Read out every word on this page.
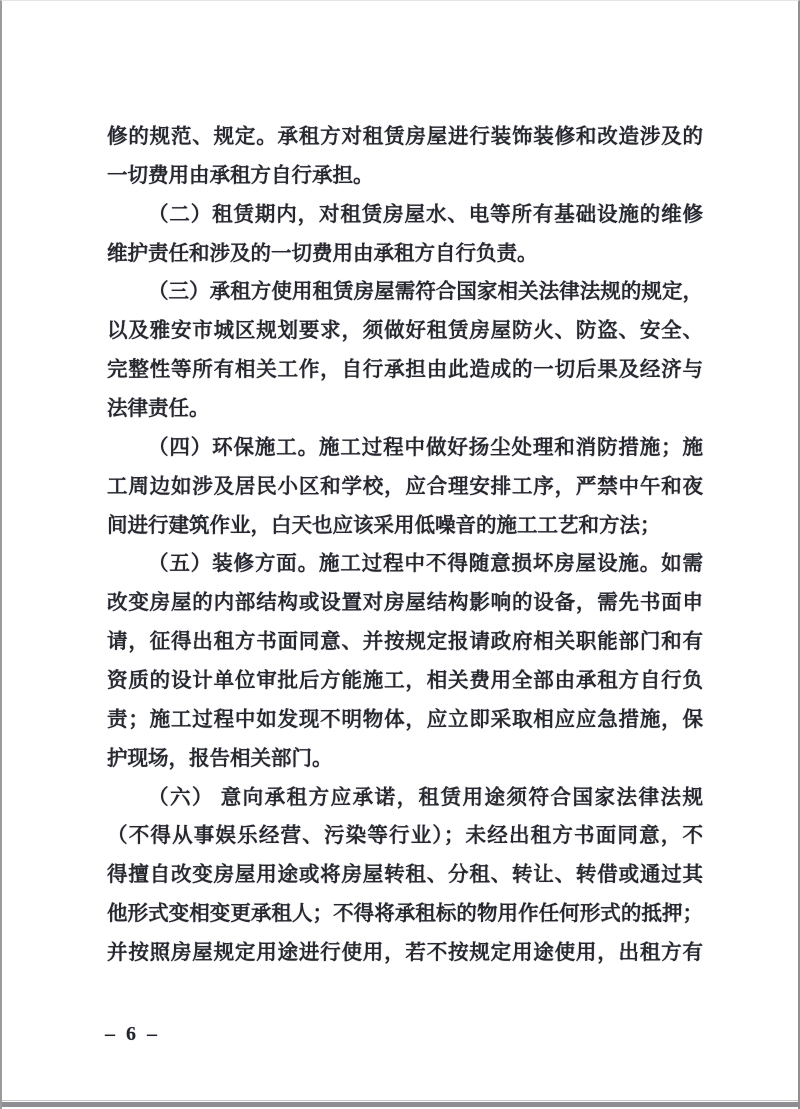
修的规范、规定。承租方对租赁房屋进行装饰装修和改造涉及的
一切费用由承租方自行承担。
（二）租赁期内，对租赁房屋水、电等所有基础设施的维修
维护责任和涉及的一切费用由承租方自行负责。
（三）承租方使用租赁房屋需符合国家相关法律法规的规定，
以及雅安市城区规划要求，须做好租赁房屋防火、防盗、安全、
完整性等所有相关工作，自行承担由此造成的一切后果及经济与
法律责任。
（四）环保施工。施工过程中做好扬尘处理和消防措施；施
工周边如涉及居民小区和学校，应合理安排工序，严禁中午和夜
间进行建筑作业，白天也应该采用低噪音的施工工艺和方法；
（五）装修方面。施工过程中不得随意损坏房屋设施。如需
改变房屋的内部结构或设置对房屋结构影响的设备，需先书面申
请，征得出租方书面同意、并按规定报请政府相关职能部门和有
资质的设计单位审批后方能施工，相关费用全部由承租方自行负
责；施工过程中如发现不明物体，应立即采取相应应急措施，保
护现场，报告相关部门。
（六） 意向承租方应承诺，租赁用途须符合国家法律法规
（不得从事娱乐经营、污染等行业）；未经出租方书面同意，不
得擅自改变房屋用途或将房屋转租、分租、转让、转借或通过其
他形式变相变更承租人；不得将承租标的物用作任何形式的抵押；
并按照房屋规定用途进行使用，若不按规定用途使用，出租方有
– 6 –
